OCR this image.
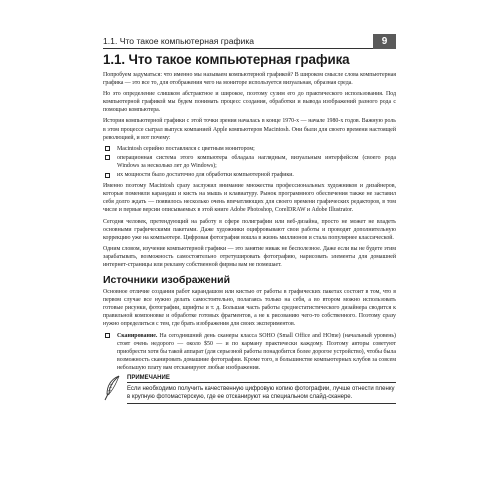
1.1. Что такое компьютерная графика	9
1.1. Что такое компьютерная графика

Попробуем задуматься: что именно мы называем компьютерной графикой? В широком смысле слова компьютерная графика — это все то, для отображения чего на мониторе используется визуальная, образная среда.

Но это определение слишком абстрактное и широкое, поэтому сузим его до практического использования. Под компьютерной графикой мы будем понимать процесс создания, обработки и вывода изображений разного рода с помощью компьютера.

История компьютерной графики с этой точки зрения началась в конце 1970-х — начале 1980-х годов. Важную роль в этом процессе сыграл выпуск компанией Apple компьютеров Macintosh. Они были для своего времени настоящей революцией, и вот почему:

Macintosh серийно поставлялся с цветным монитором;
операционная система этого компьютера обладала наглядным, визуальным интерфейсом (своего рода Windows за несколько лет до Windows);
их мощности было достаточно для обработки компьютерной графики.

Именно поэтому Macintosh сразу заслужил внимание множества профессиональных художников и дизайнеров, которые поменяли карандаш и кисть на мышь и клавиатуру. Рынок программного обеспечения также не заставил себя долго ждать — появилось несколько очень впечатляющих для своего времени графических редакторов, в том числе и первые версии описываемых в этой книге Adobe Photoshop, CorelDRAW и Adobe Illustrator.

Сегодня человек, претендующий на работу в сфере полиграфии или веб-дизайна, просто не может не владеть основными графическими пакетами. Даже художники оцифровывают свои работы и проводят дополнительную коррекцию уже на компьютере. Цифровая фотография вошла в жизнь миллионов и стала популярнее классической.

Одним словом, изучение компьютерной графики — это занятие никак не бесполезное. Даже если вы не будете этим зарабатывать, возможность самостоятельно отретушировать фотографию, нарисовать элементы для домашней интернет-страницы или рекламу собственной фирмы вам не помешает.

Источники изображений

Основное отличие создания работ карандашом или кистью от работы в графических пакетах состоит в том, что в первом случае все нужно делать самостоятельно, полагаясь только на себя, а во втором можно использовать готовые рисунки, фотографии, шрифты и т. д. Большая часть работы среднестатистического дизайнера сводится к правильной компоновке и обработке готовых фрагментов, а не к рисованию чего-то собственного. Поэтому сразу нужно определиться с тем, где брать изображения для своих экспериментов.

Сканирование. На сегодняшний день сканеры класса SOHO (Small Office and HOme) (начальный уровень) стоят очень недорого — около $50 — и по карману практически каждому. Поэтому авторы советуют приобрести хотя бы такой аппарат (для серьезной работы понадобится более дорогое устройство), чтобы была возможность сканировать домашние фотографии. Кроме того, в большинстве компьютерных клубов за совсем небольшую плату вам отсканируют любые изображения.
ПРИМЕЧАНИЕ
Если необходимо получить качественную цифровую копию фотографии, лучше отнести пленку в крупную фотомастерскую, где ее отсканируют на специальном слайд-сканере.
